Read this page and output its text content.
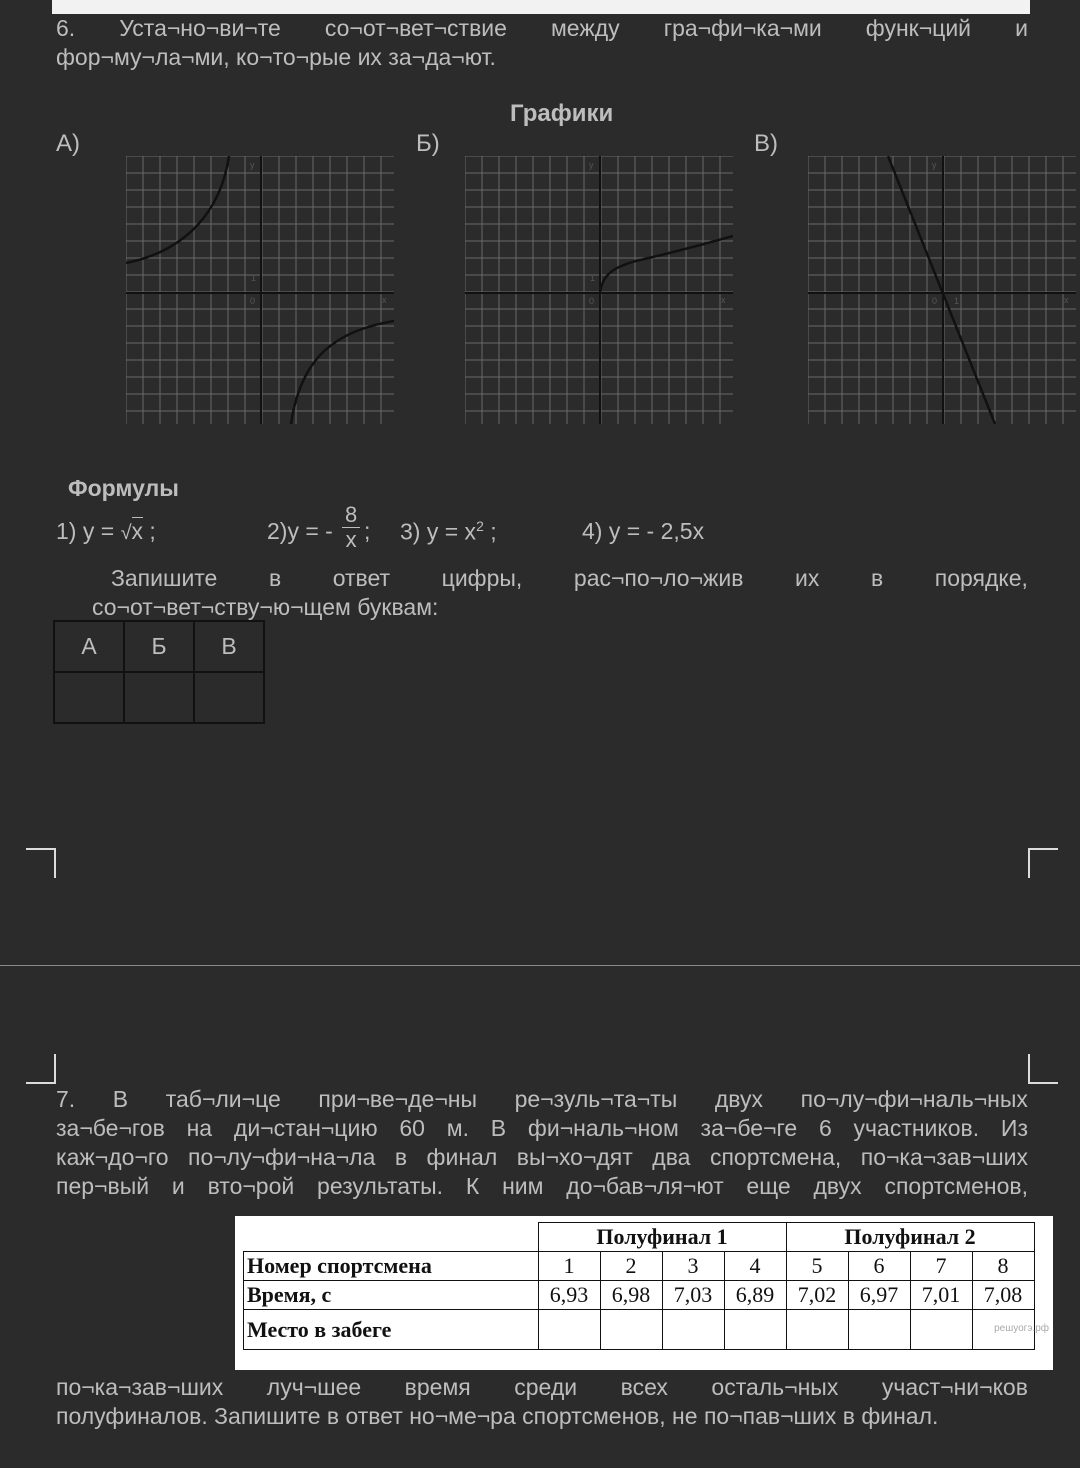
6. Уста¬но¬ви¬те со¬от¬вет¬ствие между гра¬фи¬ка¬ми функ¬ций и
фор¬му¬ла¬ми, ко¬то¬рые их за¬да¬ют.
Графики
А)	Б)	В)
0
1
x
y
0
1
x
y
0 1	x
y
Формулы
1) y = √x ;	2)y = - $\frac{8}{x}$ ; 3) $y = x^2$ ;	4) y = - 2,5x
Запишите в ответ цифры, рас¬по¬ло¬жив их в порядке,
со¬от¬вет¬ству¬ю¬щем буквам:
А	Б	В

7. В таб¬ли¬це при¬ве¬де¬ны ре¬зуль¬та¬ты двух по¬лу¬фи¬наль¬ных
за¬бе¬гов на ди¬стан¬цию 60 м. В фи¬наль¬ном за¬бе¬ге 6 участников. Из
каж¬до¬го по¬лу¬фи¬на¬ла в финал вы¬хо¬дят два спортсмена, по¬ка¬зав¬ших
пер¬вый и вто¬рой результаты. К ним до¬бав¬ля¬ют еще двух спортсменов,
	Полуфинал 1				Полуфинал 2			
Номер спортсмена	1	2	3	4	5	6	7	8
Время, с	6,93	6,98	7,03	6,89	7,02	6,97	7,01	7,08
Место в забеге									решуогэ.рф
по¬ка¬зав¬ших луч¬шее время среди всех осталь¬ных участ¬ни¬ков
полуфиналов. Запишите в ответ но¬ме¬ра спортсменов, не по¬пав¬ших в финал.
